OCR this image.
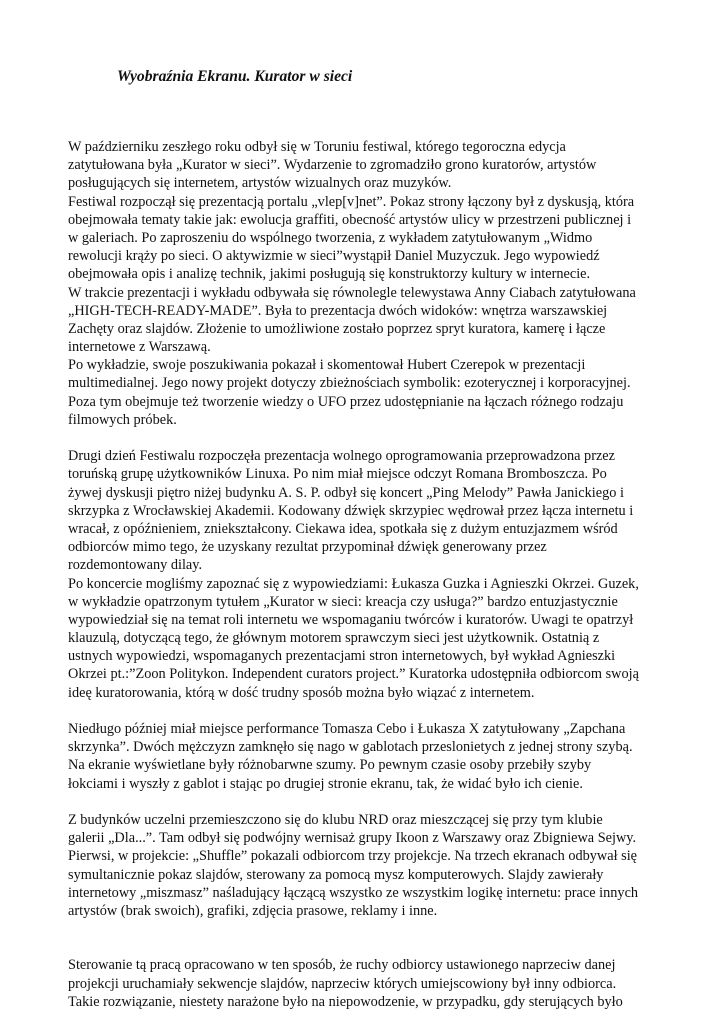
Wyobraźnia Ekranu. Kurator w sieci
W październiku zeszłego roku odbył się w Toruniu festiwal, którego tegoroczna edycja
zatytułowana była „Kurator w sieci”. Wydarzenie to zgromadziło grono kuratorów, artystów
posługujących się internetem, artystów wizualnych oraz muzyków.
Festiwal rozpoczął się prezentacją portalu „vlep[v]net”. Pokaz strony łączony był z dyskusją, która
obejmowała tematy takie jak: ewolucja graffiti, obecność artystów ulicy w przestrzeni publicznej i
w galeriach. Po zaproszeniu do wspólnego tworzenia, z wykładem zatytułowanym „Widmo
rewolucji krąży po sieci. O aktywizmie w sieci”wystąpił Daniel Muzyczuk. Jego wypowiedź
obejmowała opis i analizę technik, jakimi posługują się konstruktorzy kultury w internecie.
W trakcie prezentacji i wykładu odbywała się równolegle telewystawa Anny Ciabach zatytułowana
„HIGH-TECH-READY-MADE”. Była to prezentacja dwóch widoków: wnętrza warszawskiej
Zachęty oraz slajdów. Złożenie to umożliwione zostało poprzez spryt kuratora, kamerę i łącze
internetowe z Warszawą.
Po wykładzie, swoje poszukiwania pokazał i skomentował Hubert Czerepok w prezentacji
multimedialnej. Jego nowy projekt dotyczy zbieżnościach symbolik: ezoterycznej i korporacyjnej.
Poza tym obejmuje też tworzenie wiedzy o UFO przez udostępnianie na łączach różnego rodzaju
filmowych próbek.
Drugi dzień Festiwalu rozpoczęła prezentacja wolnego oprogramowania przeprowadzona przez
toruńską grupę użytkowników Linuxa. Po nim miał miejsce odczyt Romana Bromboszcza. Po
żywej dyskusji piętro niżej budynku A. S. P. odbył się koncert „Ping Melody” Pawła Janickiego i
skrzypka z Wrocławskiej Akademii. Kodowany dźwięk skrzypiec wędrował przez łącza internetu i
wracał, z opóźnieniem, zniekształcony. Ciekawa idea, spotkała się z dużym entuzjazmem wśród
odbiorców mimo tego, że uzyskany rezultat przypominał dźwięk generowany przez
rozdemontowany dilay.
Po koncercie mogliśmy zapoznać się z wypowiedziami: Łukasza Guzka i Agnieszki Okrzei. Guzek,
w wykładzie opatrzonym tytułem „Kurator w sieci: kreacja czy usługa?” bardzo entuzjastycznie
wypowiedział się na temat roli internetu we wspomaganiu twórców i kuratorów. Uwagi te opatrzył
klauzulą, dotyczącą tego, że głównym motorem sprawczym sieci jest użytkownik. Ostatnią z
ustnych wypowiedzi, wspomaganych prezentacjami stron internetowych, był wykład Agnieszki
Okrzei pt.:”Zoon Politykon. Independent curators project.” Kuratorka udostępniła odbiorcom swoją
ideę kuratorowania, którą w dość trudny sposób można było wiązać z internetem.
Niedługo później miał miejsce performance Tomasza Cebo i Łukasza X zatytułowany „Zapchana
skrzynka”. Dwóch mężczyzn zamknęło się nago w gablotach przeslonietych z jednej strony szybą.
Na ekranie wyświetlane były różnobarwne szumy. Po pewnym czasie osoby przebiły szyby
łokciami i wyszły z gablot i stając po drugiej stronie ekranu, tak, że widać było ich cienie.
Z budynków uczelni przemieszczono się do klubu NRD oraz mieszczącej się przy tym klubie
galerii „Dla...”. Tam odbył się podwójny wernisaż grupy Ikoon z Warszawy oraz Zbigniewa Sejwy.
Pierwsi, w projekcie: „Shuffle” pokazali odbiorcom trzy projekcje. Na trzech ekranach odbywał się
symultanicznie pokaz slajdów, sterowany za pomocą mysz komputerowych. Slajdy zawierały
internetowy „miszmasz” naśladujący łączącą wszystko ze wszystkim logikę internetu: prace innych
artystów (brak swoich), grafiki, zdjęcia prasowe, reklamy i inne.
Sterowanie tą pracą opracowano w ten sposób, że ruchy odbiorcy ustawionego naprzeciw danej
projekcji uruchamiały sekwencje slajdów, naprzeciw których umiejscowiony był inny odbiorca.
Takie rozwiązanie, niestety narażone było na niepowodzenie, w przypadku, gdy sterujących było
